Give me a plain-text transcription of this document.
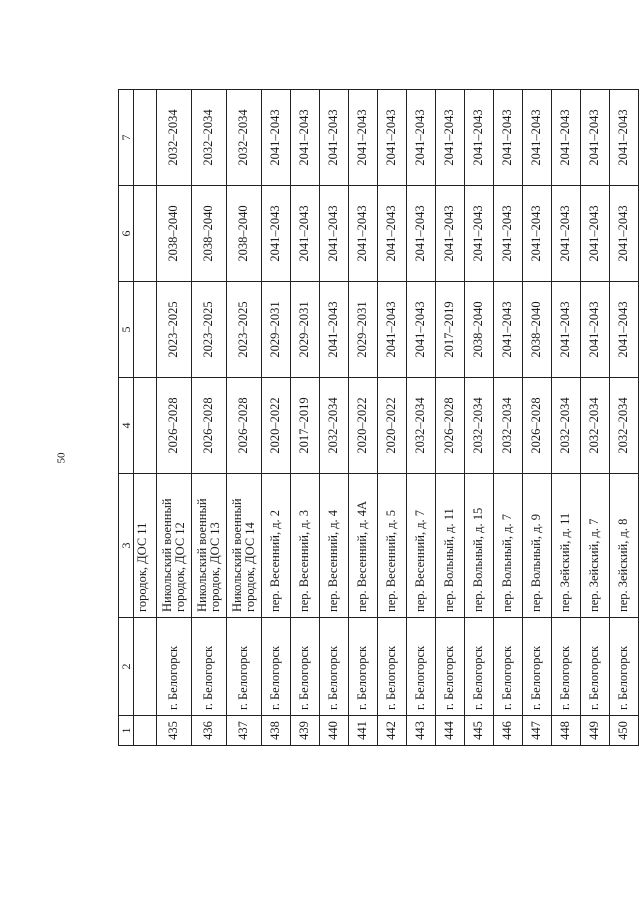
50
1	2	3	4	5	6	7
		городок, ДОС 11				
435	г. Белогорск	Никольский военный городок, ДОС 12	2026–2028	2023–2025	2038–2040	2032–2034
436	г. Белогорск	Никольский военный городок, ДОС 13	2026–2028	2023–2025	2038–2040	2032–2034
437	г. Белогорск	Никольский военный городок, ДОС 14	2026–2028	2023–2025	2038–2040	2032–2034
438	г. Белогорск	пер. Весенний, д. 2	2020–2022	2029–2031	2041–2043	2041–2043
439	г. Белогорск	пер. Весенний, д. 3	2017–2019	2029–2031	2041–2043	2041–2043
440	г. Белогорск	пер. Весенний, д. 4	2032–2034	2041–2043	2041–2043	2041–2043
441	г. Белогорск	пер. Весенний, д. 4А	2020–2022	2029–2031	2041–2043	2041–2043
442	г. Белогорск	пер. Весенний, д. 5	2020–2022	2041–2043	2041–2043	2041–2043
443	г. Белогорск	пер. Весенний, д. 7	2032–2034	2041–2043	2041–2043	2041–2043
444	г. Белогорск	пер. Вольный, д. 11	2026–2028	2017–2019	2041–2043	2041–2043
445	г. Белогорск	пер. Вольный, д. 15	2032–2034	2038–2040	2041–2043	2041–2043
446	г. Белогорск	пер. Вольный, д. 7	2032–2034	2041–2043	2041–2043	2041–2043
447	г. Белогорск	пер. Вольный, д. 9	2026–2028	2038–2040	2041–2043	2041–2043
448	г. Белогорск	пер. Зейский, д. 11	2032–2034	2041–2043	2041–2043	2041–2043
449	г. Белогорск	пер. Зейский, д. 7	2032–2034	2041–2043	2041–2043	2041–2043
450	г. Белогорск	пер. Зейский, д. 8	2032–2034	2041–2043	2041–2043	2041–2043
